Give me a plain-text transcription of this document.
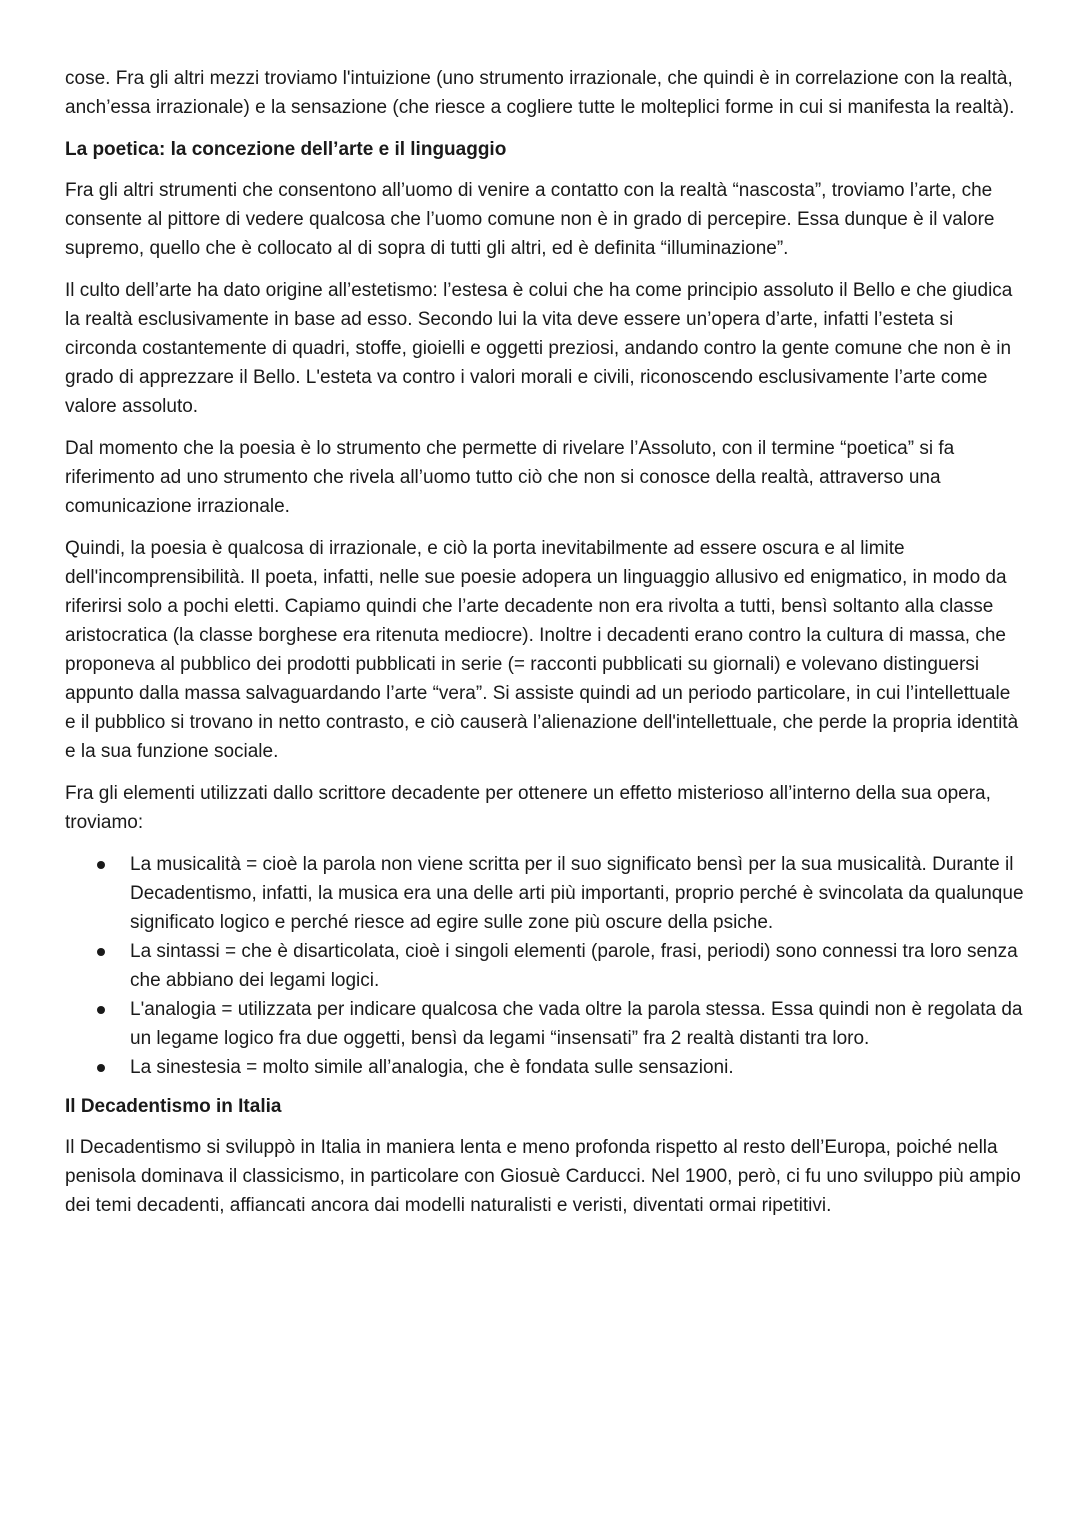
cose. Fra gli altri mezzi troviamo l'intuizione (uno strumento irrazionale, che quindi è in correlazione con la realtà, anch’essa irrazionale) e la sensazione (che riesce a cogliere tutte le molteplici forme in cui si manifesta la realtà).

La poetica: la concezione dell’arte e il linguaggio

Fra gli altri strumenti che consentono all’uomo di venire a contatto con la realtà “nascosta”, troviamo l’arte, che consente al pittore di vedere qualcosa che l’uomo comune non è in grado di percepire. Essa dunque è il valore supremo, quello che è collocato al di sopra di tutti gli altri, ed è definita “illuminazione”.

Il culto dell’arte ha dato origine all’estetismo: l’estesa è colui che ha come principio assoluto il Bello e che giudica la realtà esclusivamente in base ad esso. Secondo lui la vita deve essere un’opera d’arte, infatti l’esteta si circonda costantemente di quadri, stoffe, gioielli e oggetti preziosi, andando contro la gente comune che non è in grado di apprezzare il Bello. L'esteta va contro i valori morali e civili, riconoscendo esclusivamente l’arte come valore assoluto.

Dal momento che la poesia è lo strumento che permette di rivelare l’Assoluto, con il termine “poetica” si fa riferimento ad uno strumento che rivela all’uomo tutto ciò che non si conosce della realtà, attraverso una comunicazione irrazionale.

Quindi, la poesia è qualcosa di irrazionale, e ciò la porta inevitabilmente ad essere oscura e al limite dell'incomprensibilità. Il poeta, infatti, nelle sue poesie adopera un linguaggio allusivo ed enigmatico, in modo da riferirsi solo a pochi eletti. Capiamo quindi che l’arte decadente non era rivolta a tutti, bensì soltanto alla classe aristocratica (la classe borghese era ritenuta mediocre). Inoltre i decadenti erano contro la cultura di massa, che proponeva al pubblico dei prodotti pubblicati in serie (= racconti pubblicati su giornali) e volevano distinguersi appunto dalla massa salvaguardando l’arte “vera”. Si assiste quindi ad un periodo particolare, in cui l’intellettuale e il pubblico si trovano in netto contrasto, e ciò causerà l’alienazione dell'intellettuale, che perde la propria identità e la sua funzione sociale.

Fra gli elementi utilizzati dallo scrittore decadente per ottenere un effetto misterioso all’interno della sua opera, troviamo:

La musicalità = cioè la parola non viene scritta per il suo significato bensì per la sua musicalità. Durante il Decadentismo, infatti, la musica era una delle arti più importanti, proprio perché è svincolata da qualunque significato logico e perché riesce ad egire sulle zone più oscure della psiche.
La sintassi = che è disarticolata, cioè i singoli elementi (parole, frasi, periodi) sono connessi tra loro senza che abbiano dei legami logici.
L'analogia = utilizzata per indicare qualcosa che vada oltre la parola stessa. Essa quindi non è regolata da un legame logico fra due oggetti, bensì da legami “insensati” fra 2 realtà distanti tra loro.
La sinestesia = molto simile all’analogia, che è fondata sulle sensazioni.
Il Decadentismo in Italia

Il Decadentismo si sviluppò in Italia in maniera lenta e meno profonda rispetto al resto dell’Europa, poiché nella penisola dominava il classicismo, in particolare con Giosuè Carducci. Nel 1900, però, ci fu uno sviluppo più ampio dei temi decadenti, affiancati ancora dai modelli naturalisti e veristi, diventati ormai ripetitivi.
